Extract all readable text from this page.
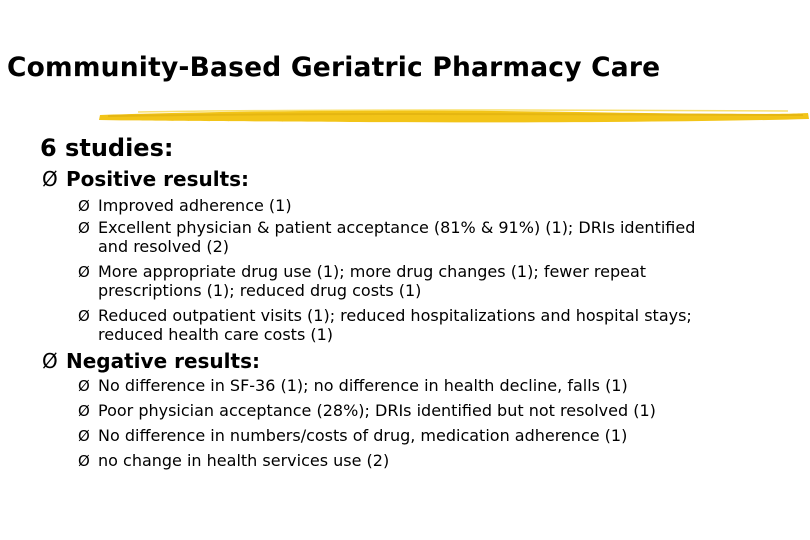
Community-Based Geriatric Pharmacy Care
6 studies:
Ø Positive results:
Ø Improved adherence (1)
Ø Excellent physician & patient acceptance (81% & 91%) (1); DRIs identified
and resolved (2)
Ø More appropriate drug use (1); more drug changes (1); fewer repeat
prescriptions (1); reduced drug costs (1)
Ø Reduced outpatient visits (1); reduced hospitalizations and hospital stays;
reduced health care costs (1)
Ø Negative results:
Ø No difference in SF-36 (1); no difference in health decline, falls (1)
Ø Poor physician acceptance (28%); DRIs identified but not resolved (1)
Ø No difference in numbers/costs of drug, medication adherence (1)
Ø no change in health services use (2)
